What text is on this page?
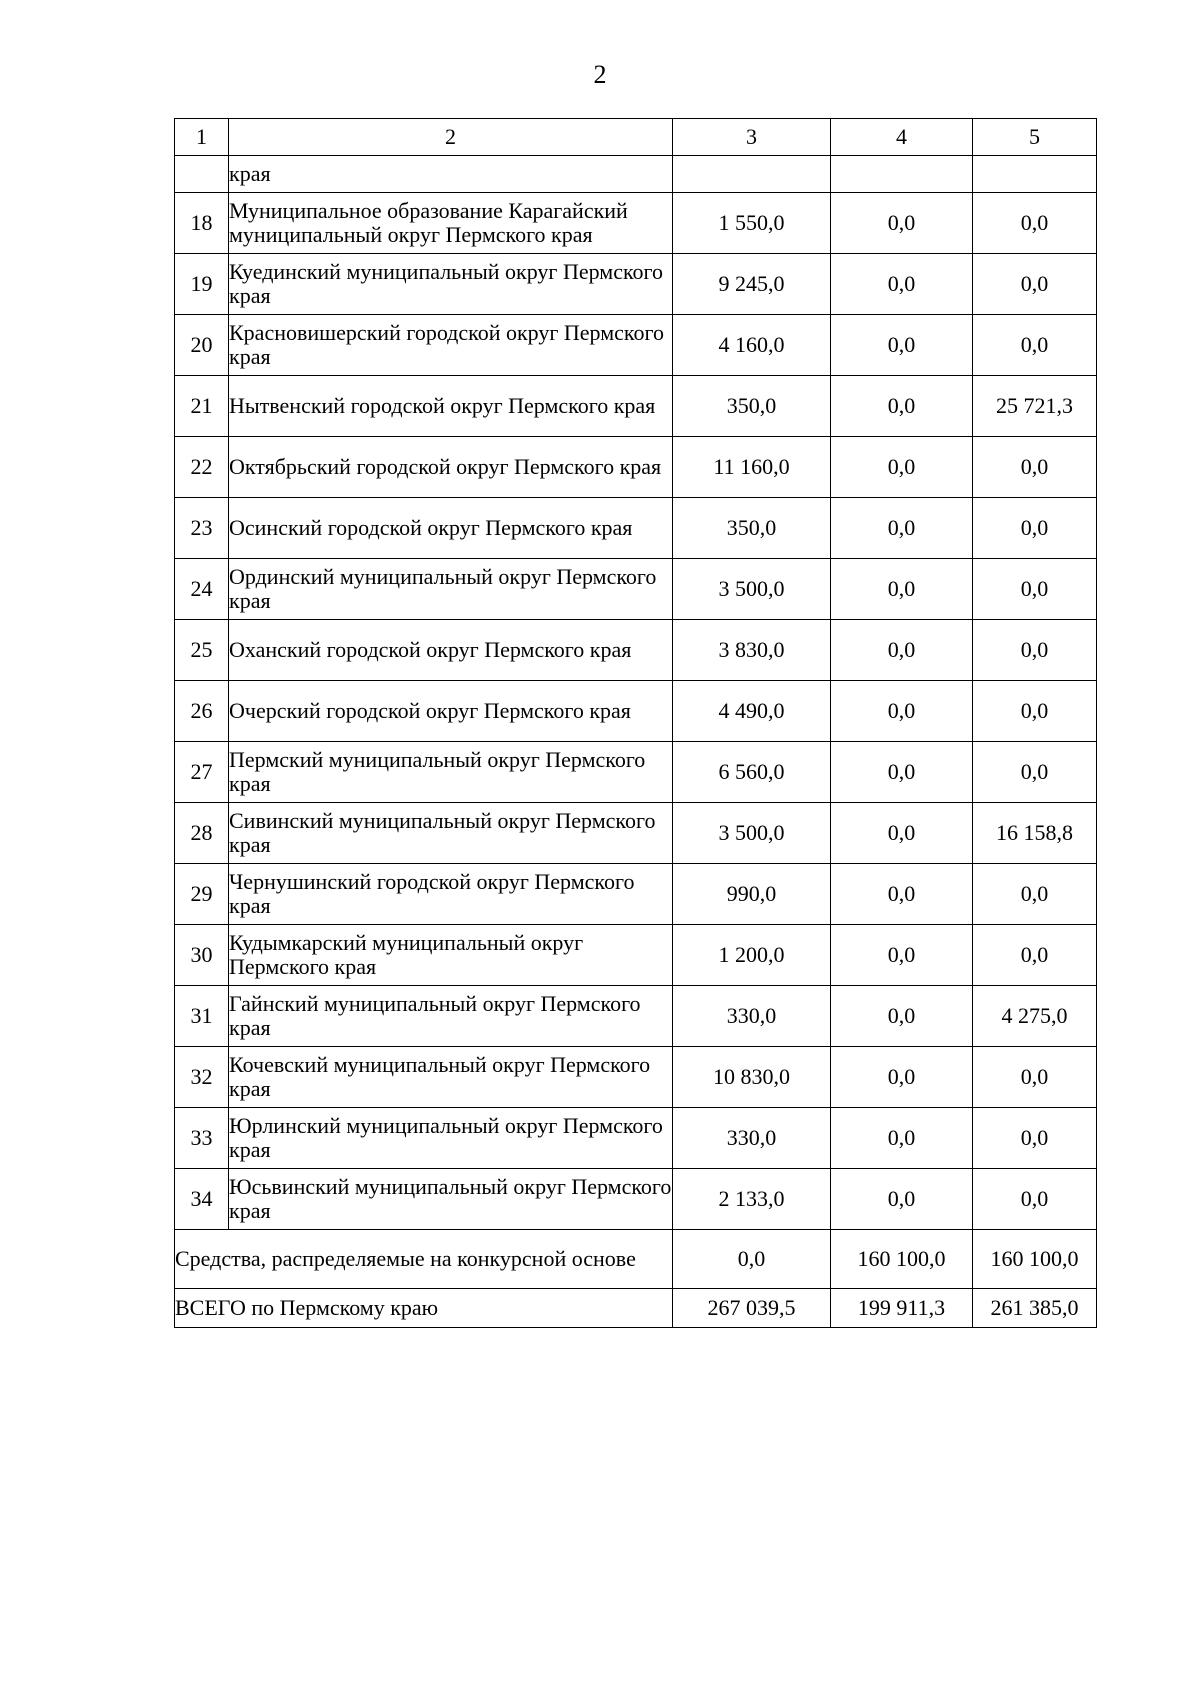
2
1	2	3	4	5
	края			
18	Муниципальное образование Карагайский муниципальный округ Пермского края	1 550,0	0,0	0,0
19	Куединский муниципальный округ Пермского края	9 245,0	0,0	0,0
20	Красновишерский городской округ Пермского края	4 160,0	0,0	0,0
21	Нытвенский городской округ Пермского края	350,0	0,0	25 721,3
22	Октябрьский городской округ Пермского края	11 160,0	0,0	0,0
23	Осинский городской округ Пермского края	350,0	0,0	0,0
24	Ординский муниципальный округ Пермского края	3 500,0	0,0	0,0
25	Оханский городской округ Пермского края	3 830,0	0,0	0,0
26	Очерский городской округ Пермского края	4 490,0	0,0	0,0
27	Пермский муниципальный округ Пермского края	6 560,0	0,0	0,0
28	Сивинский муниципальный округ Пермского края	3 500,0	0,0	16 158,8
29	Чернушинский городской округ Пермского края	990,0	0,0	0,0
30	Кудымкарский муниципальный округ Пермского края	1 200,0	0,0	0,0
31	Гайнский муниципальный округ Пермского края	330,0	0,0	4 275,0
32	Кочевский муниципальный округ Пермского края	10 830,0	0,0	0,0
33	Юрлинский муниципальный округ Пермского края	330,0	0,0	0,0
34	Юсьвинский муниципальный округ Пермского края	2 133,0	0,0	0,0
Средства, распределяемые на конкурсной основе		0,0	160 100,0	160 100,0
ВСЕГО по Пермскому краю		267 039,5	199 911,3	261 385,0
